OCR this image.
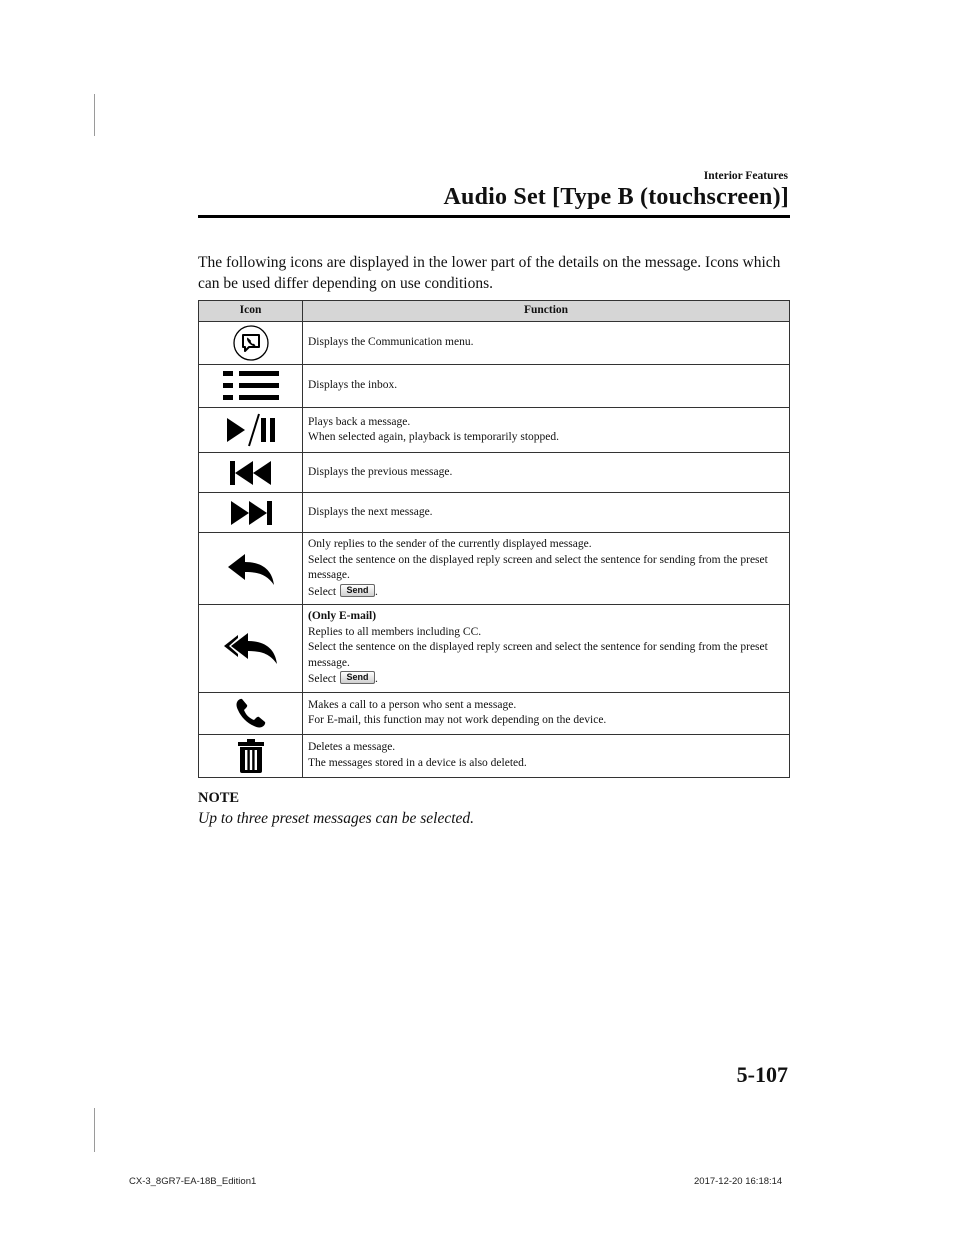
Interior Features
Audio Set [Type B (touchscreen)]
The following icons are displayed in the lower part of the details on the message. Icons which can be used differ depending on use conditions.
Icon	Function

Displays the Communication menu.

Displays the inbox.

Plays back a message.
When selected again, playback is temporarily stopped.

Displays the previous message.

Displays the next message.

Only replies to the sender of the currently displayed message.
Select the sentence on the displayed reply screen and select the sentence for sending from the preset message.
Select Send .

(Only E-mail)
Replies to all members including CC.
Select the sentence on the displayed reply screen and select the sentence for sending from the preset message.
Select Send .

Makes a call to a person who sent a message.
For E-mail, this function may not work depending on the device.

Deletes a message.
The messages stored in a device is also deleted.
NOTE
Up to three preset messages can be selected.
5-107
CX-3_8GR7-EA-18B_Edition1	2017-12-20 16:18:14
